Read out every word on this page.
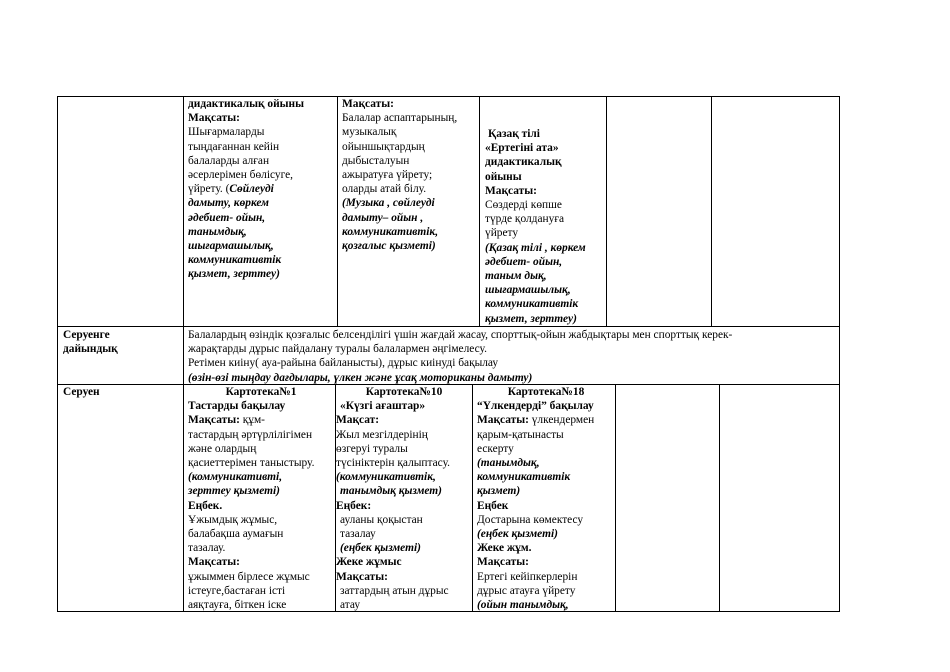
дидактикалық ойыны
Мақсаты:
Шығармаларды
тыңдағаннан кейін
балаларды алған
әсерлерімен бөлісуге,
үйрету. (Сөйлеуді
дамыту, көркем
әдебиет- ойын,
танымдық,
шығармашылық,
коммуникативтік
қызмет, зерттеу)
Мақсаты:
Балалар аспаптарының,
музыкалық
ойыншықтардың
дыбысталуын
ажыратуға үйрету;
оларды атай білу.
(Музыка , сөйлеуді
дамыту– ойын ,
коммуникативтік,
қозғалыс қызметі)
Қазақ тілі
«Ертегіні ата»
дидактикалық
ойыны
Мақсаты:
Сөздерді көпше
түрде қолдануға
үйрету
(Қазақ тілі , көркем
әдебиет- ойын,
таным дық,
шығармашылық,
коммуникативтік
қызмет, зерттеу)
Серуенге
дайындық
Балалардың өзіндік қозғалыс белсенділігі үшін жағдай жасау, спорттық-ойын жабдықтары мен спорттық керек-
жарақтарды дұрыс пайдалану туралы балалармен әңгімелесу.
Ретімен киіну( ауа-райына байланысты), дұрыс киінуді бақылау
(өзін-өзі тыңдау дағдылары, үлкен және ұсақ моториканы дамыту)
Серуен	Картотека№1
Тастарды бақылау
Мақсаты: құм-
тастардың әртүрлілігімен
және олардың
қасиеттерімен таныстыру.
(коммуникативті,
зерттеу қызметі)
Еңбек.
Ұжымдық жұмыс,
балабақша аумағын
тазалау.
Мақсаты:
ұжыммен бірлесе жұмыс
істеуге,бастаған істі
аяқтауға, біткен іске
Картотека№10
«Күзгі ағаштар»
Мақсат:
Жыл мезгілдерінің
өзгеруі туралы
түсініктерін қалыптасу.
(коммуникативтік,
танымдық қызмет)
Еңбек:
ауланы қоқыстан
тазалау
(еңбек қызметі)
Жеке жұмыс
Мақсаты:
заттардың атын дұрыс
атау
Картотека№18
“Үлкендерді” бақылау
Мақсаты: үлкендермен
қарым-қатынасты
ескерту
(танымдық,
коммуникативтік
қызмет)
Еңбек
Достарына көмектесу
(еңбек қызметі)
Жеке жұм.
Мақсаты:
Ертегі кейіпкерлерін
дұрыс атауға үйрету
(ойын танымдық,
